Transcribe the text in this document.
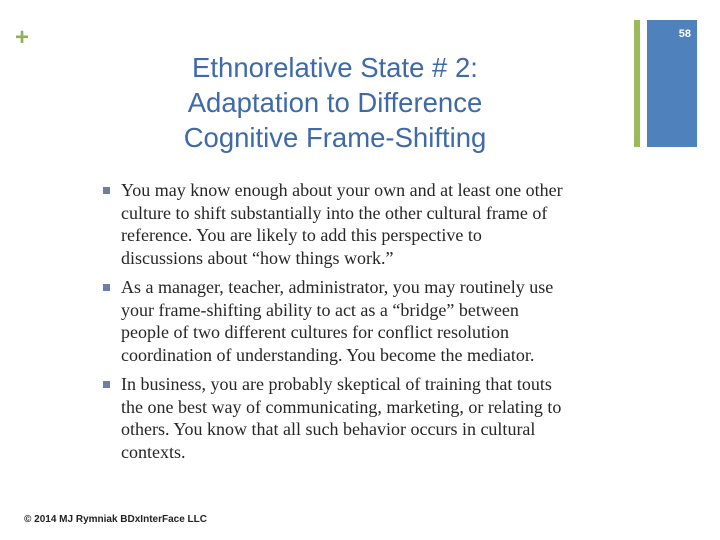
+	58
Ethnorelative State # 2:
Adaptation to Difference
Cognitive Frame-Shifting
You may know enough about your own and at least one other
culture to shift substantially into the other cultural frame of
reference. You are likely to add this perspective to
discussions about “how things work.”
As a manager, teacher, administrator, you may routinely use
your frame-shifting ability to act as a “bridge” between
people of two different cultures for conflict resolution
coordination of understanding. You become the mediator.
In business, you are probably skeptical of training that touts
the one best way of communicating, marketing, or relating to
others. You know that all such behavior occurs in cultural
contexts.
© 2014 MJ Rymniak BDxInterFace LLC
